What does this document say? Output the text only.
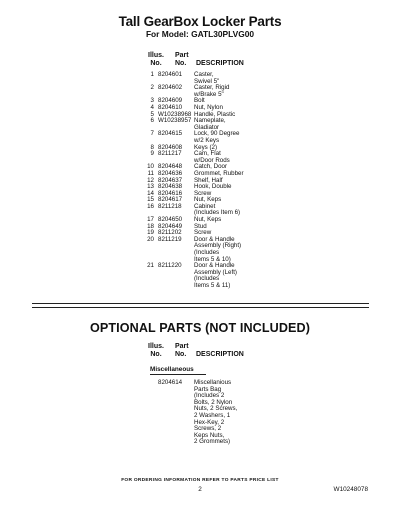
Tall GearBox Locker Parts
For Model: GATL30PLVG00
Illus.
No.
Part
No.	DESCRIPTION
1	8204601	Caster,
Swivel 5"

2	8204602	Caster, Rigid
w/Brake 5"

3	8204609	Bolt

4	8204610	Nut, Nylon

5	W10238968	Handle, Plastic

6	W10238957	Nameplate,
Gladiator

7	8204615	Lock, 90 Degree
w/2 Keys

8	8204608	Keys (2)

9	8211217	Cam, Flat
w/Door Rods

10	8204648	Catch, Door

11	8204636	Grommet, Rubber

12	8204637	Shelf, Half

13	8204638	Hook, Double

14	8204616	Screw

15	8204617	Nut, Keps

16	8211218	Cabinet
(Includes Item 6)

17	8204650	Nut, Keps

18	8204649	Stud

19	8211202	Screw

20	8211219	Door & Handle
Assembly (Right)
(Includes
Items 5 & 10)

21	8211220	Door & Handle
Assembly (Left)
(Includes
Items 5 & 11)
OPTIONAL PARTS (NOT INCLUDED)
Illus.
No.
Part
No.	DESCRIPTION
Miscellaneous
	8204614	Miscellanious
Parts Bag
(Includes 2
Bolts, 2 Nylon
Nuts, 2 Screws,
2 Washers, 1
Hex-Key, 2
Screws, 2
Keps Nuts,
2 Grommets)
FOR ORDERING INFORMATION REFER TO PARTS PRICE LIST
2	W10248078
